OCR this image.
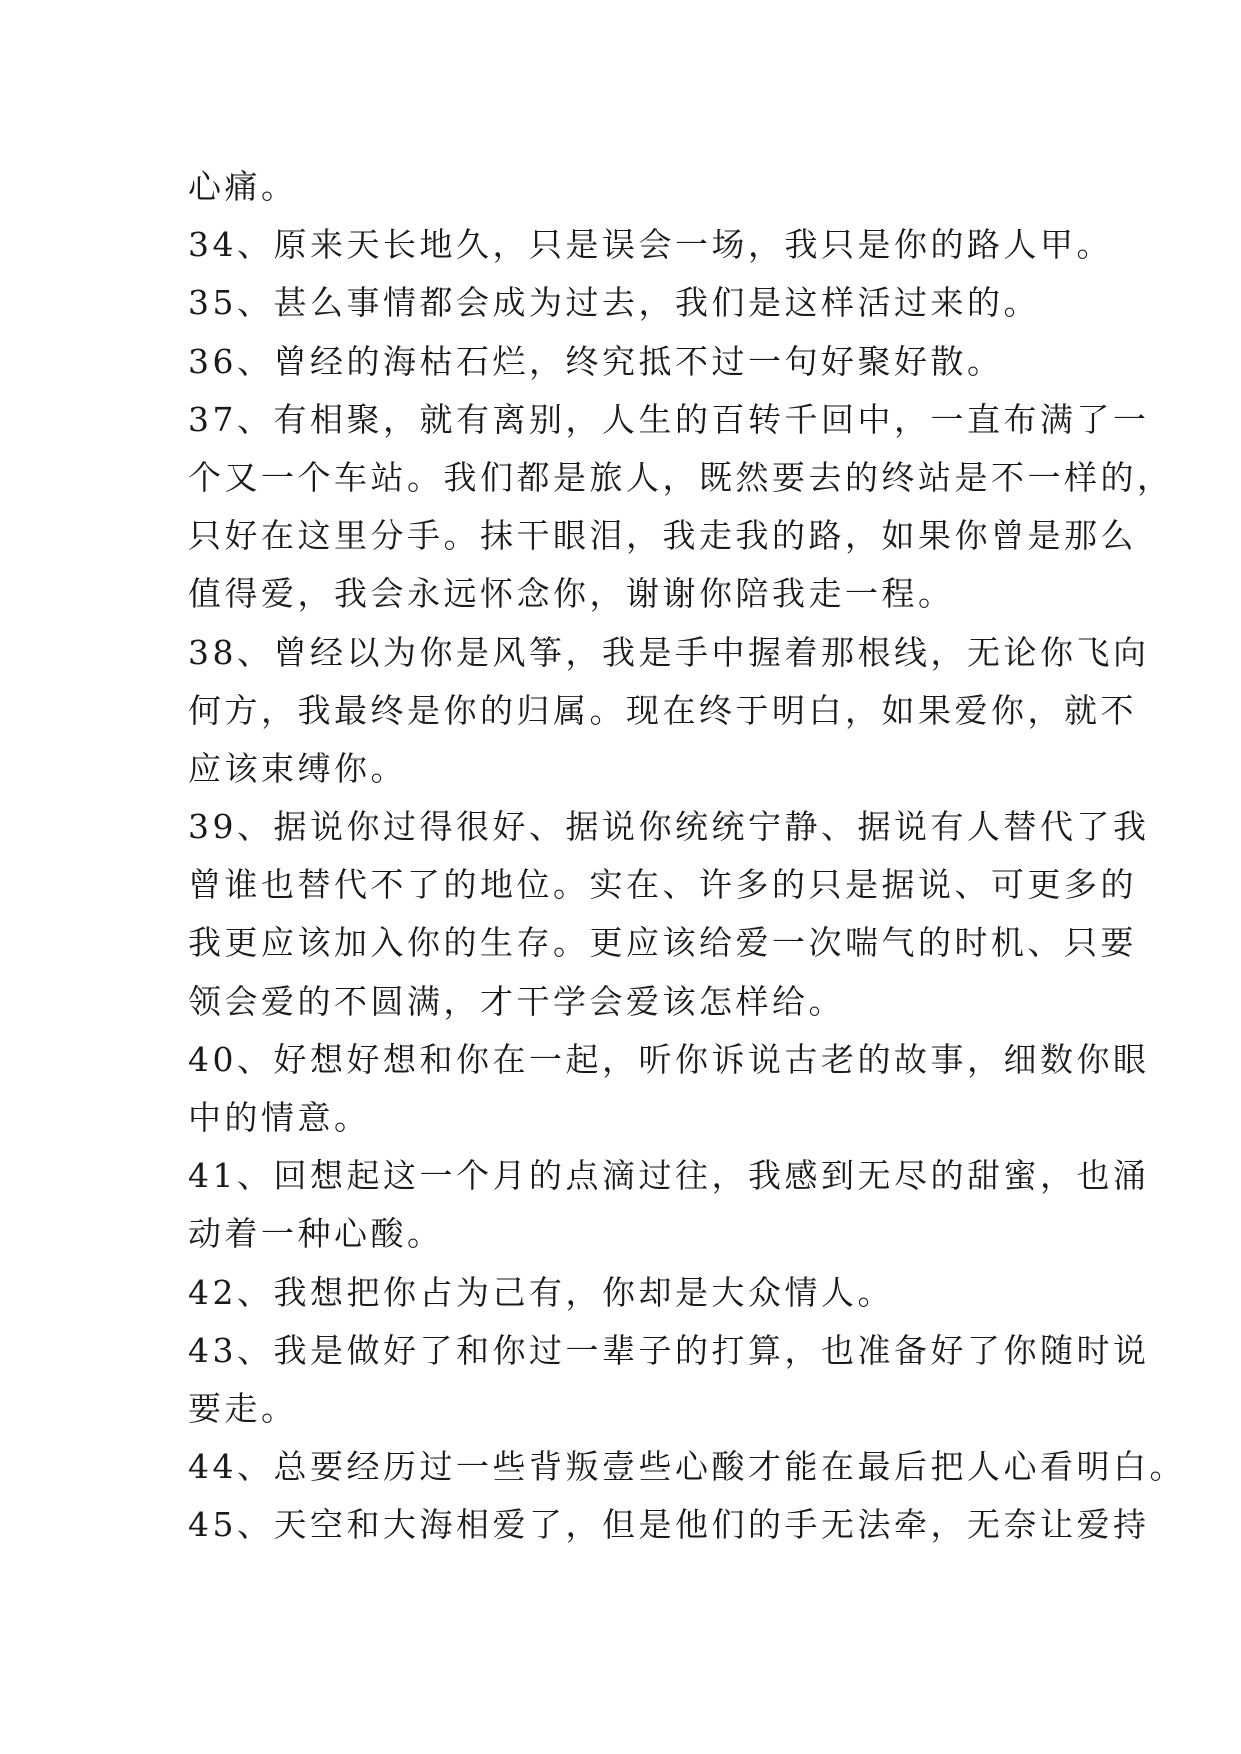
心痛。
34、原来天长地久，只是误会一场，我只是你的路人甲。
35、甚么事情都会成为过去，我们是这样活过来的。
36、曾经的海枯石烂，终究抵不过一句好聚好散。
37、有相聚，就有离别，人生的百转千回中，一直布满了一
个又一个车站。我们都是旅人，既然要去的终站是不一样的，
只好在这里分手。抹干眼泪，我走我的路，如果你曾是那么
值得爱，我会永远怀念你，谢谢你陪我走一程。
38、曾经以为你是风筝，我是手中握着那根线，无论你飞向
何方，我最终是你的归属。现在终于明白，如果爱你，就不
应该束缚你。
39、据说你过得很好、据说你统统宁静、据说有人替代了我
曾谁也替代不了的地位。实在、许多的只是据说、可更多的
我更应该加入你的生存。更应该给爱一次喘气的时机、只要
领会爱的不圆满，才干学会爱该怎样给。
40、好想好想和你在一起，听你诉说古老的故事，细数你眼
中的情意。
41、回想起这一个月的点滴过往，我感到无尽的甜蜜，也涌
动着一种心酸。
42、我想把你占为己有，你却是大众情人。
43、我是做好了和你过一辈子的打算，也准备好了你随时说
要走。
44、总要经历过一些背叛壹些心酸才能在最后把人心看明白。
45、天空和大海相爱了，但是他们的手无法牵，无奈让爱持
